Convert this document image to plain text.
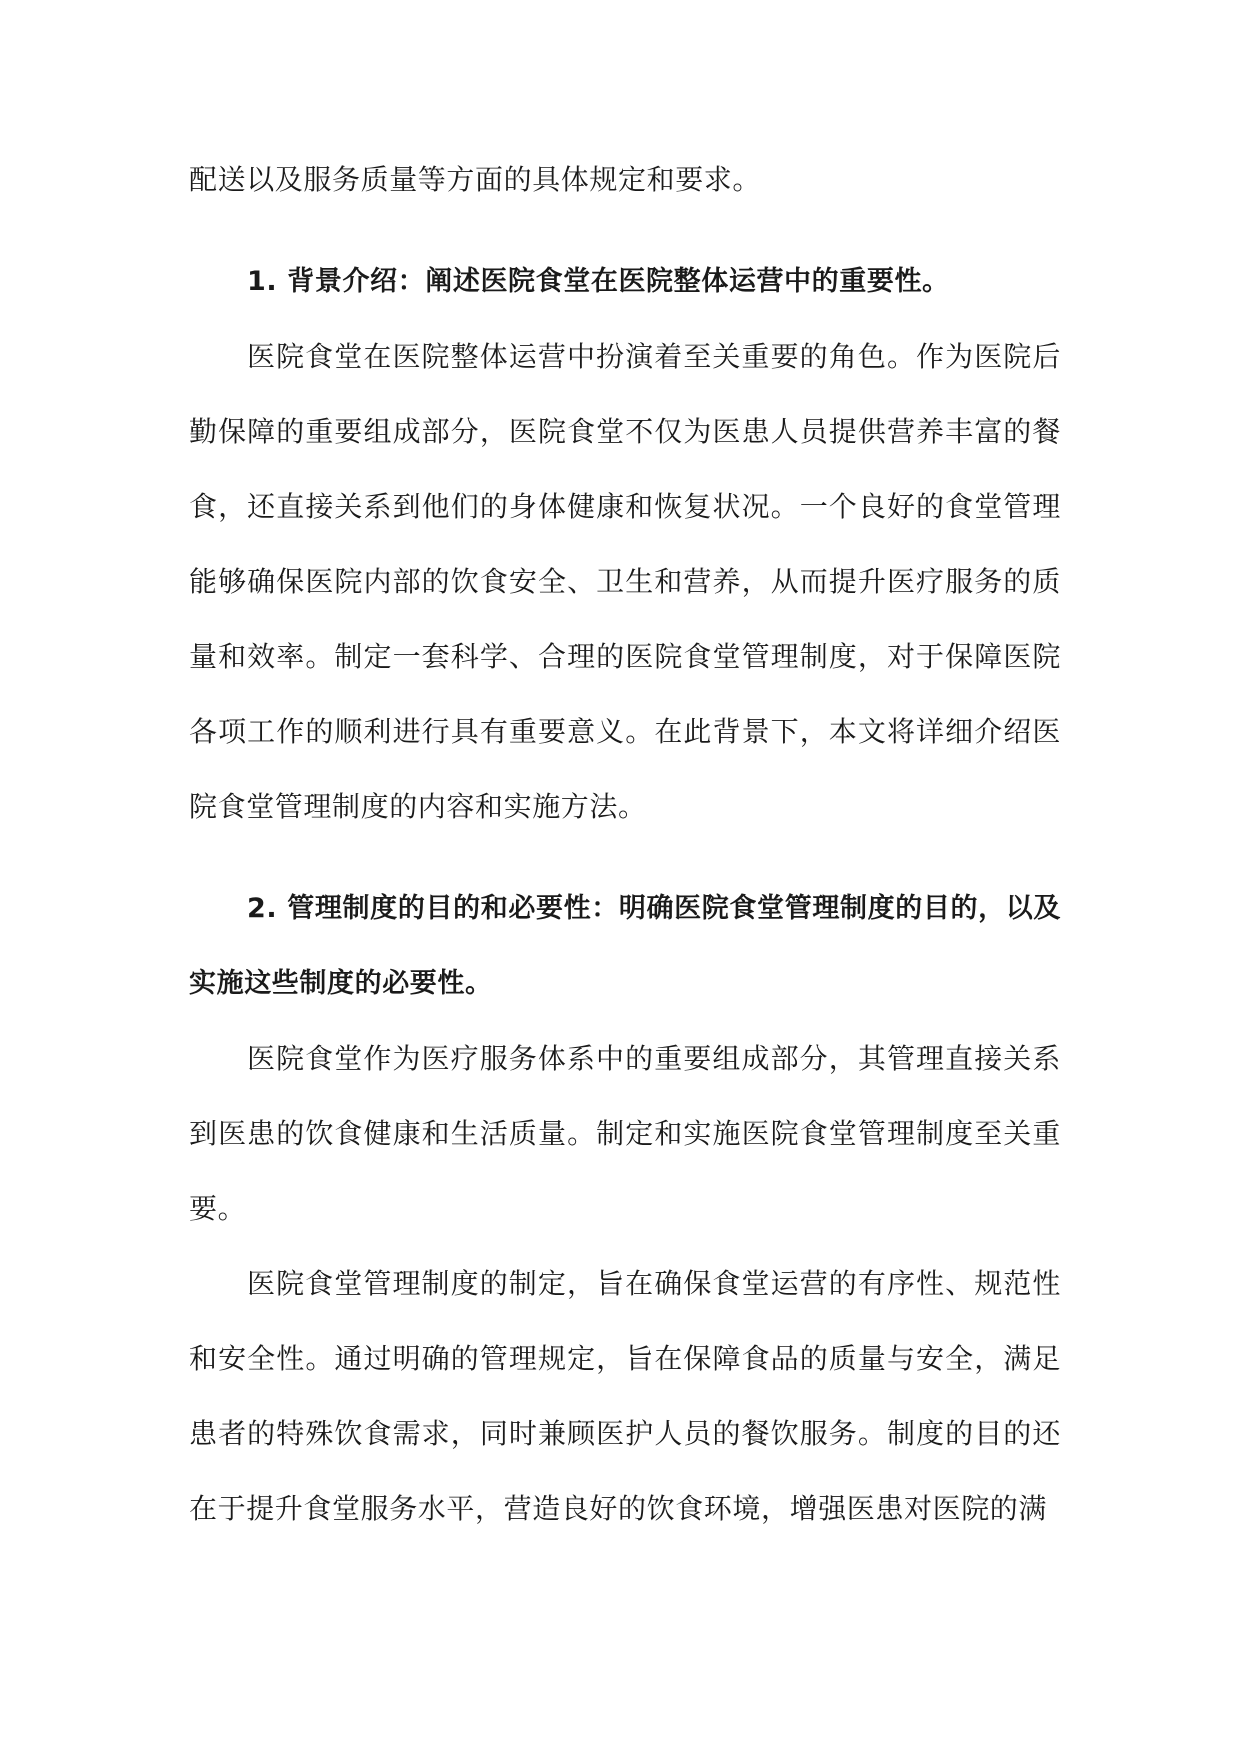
配送以及服务质量等方面的具体规定和要求。

1. 背景介绍：阐述医院食堂在医院整体运营中的重要性。

医院食堂在医院整体运营中扮演着至关重要的角色。作为医院后勤保障的重要组成部分，医院食堂不仅为医患人员提供营养丰富的餐食，还直接关系到他们的身体健康和恢复状况。一个良好的食堂管理能够确保医院内部的饮食安全、卫生和营养，从而提升医疗服务的质量和效率。制定一套科学、合理的医院食堂管理制度，对于保障医院各项工作的顺利进行具有重要意义。在此背景下，本文将详细介绍医院食堂管理制度的内容和实施方法。

2. 管理制度的目的和必要性：明确医院食堂管理制度的目的，以及实施这些制度的必要性。

医院食堂作为医疗服务体系中的重要组成部分，其管理直接关系到医患的饮食健康和生活质量。制定和实施医院食堂管理制度至关重要。

医院食堂管理制度的制定，旨在确保食堂运营的有序性、规范性和安全性。通过明确的管理规定，旨在保障食品的质量与安全，满足患者的特殊饮食需求，同时兼顾医护人员的餐饮服务。制度的目的还在于提升食堂服务水平，营造良好的饮食环境，增强医患对医院的满
